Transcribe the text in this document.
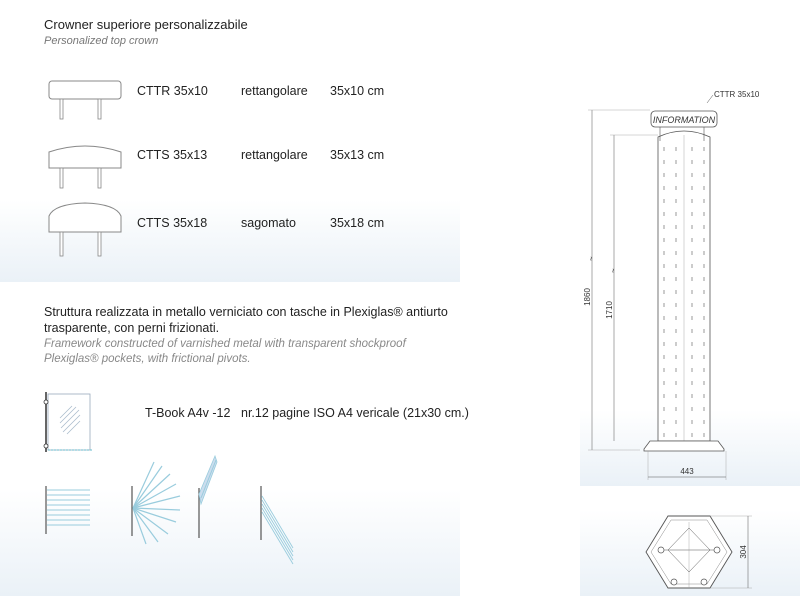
Crowner superiore personalizzabile
Personalized top crown
CTTR 35x10	rettangolare 35x10 cm
CTTS 35x13	rettangolare 35x13 cm
CTTS 35x18	sagomato	35x18 cm
Struttura realizzata in metallo verniciato con tasche in Plexiglas® antiurto
trasparente, con perni frizionati.
Framework constructed of varnished metal with transparent shockproof
Plexiglas® pockets, with frictional pivots.
T-Book A4v -12 nr.12 pagine ISO A4 vericale (21x30 cm.)
CTTR 35x10
INFORMATION
1860
~
1710
~
443
304
